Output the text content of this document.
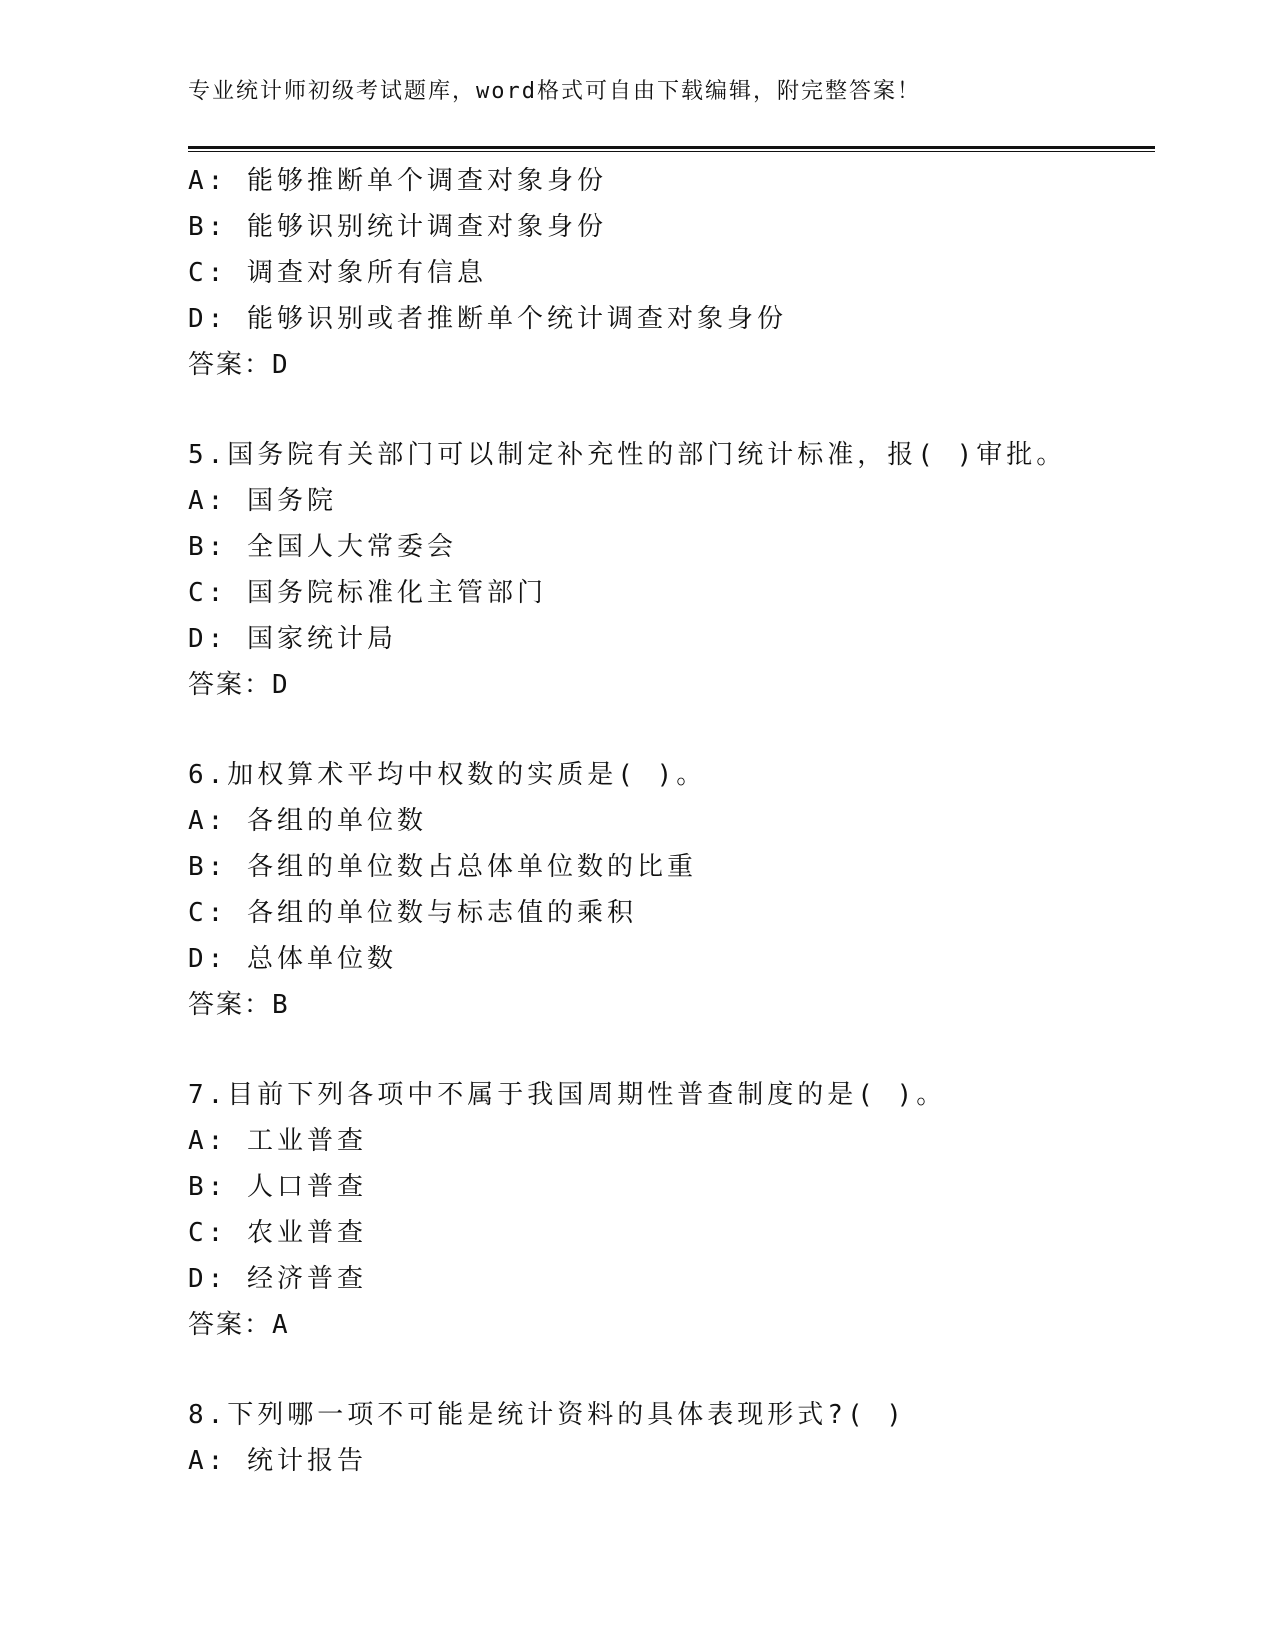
专业统计师初级考试题库，word格式可自由下载编辑，附完整答案！
A: 能够推断单个调查对象身份
B: 能够识别统计调查对象身份
C: 调查对象所有信息
D: 能够识别或者推断单个统计调查对象身份
答案：D
5.国务院有关部门可以制定补充性的部门统计标准，报( )审批。
A: 国务院
B: 全国人大常委会
C: 国务院标准化主管部门
D: 国家统计局
答案：D
6.加权算术平均中权数的实质是( )。
A: 各组的单位数
B: 各组的单位数占总体单位数的比重
C: 各组的单位数与标志值的乘积
D: 总体单位数
答案：B
7.目前下列各项中不属于我国周期性普查制度的是( )。
A: 工业普查
B: 人口普查
C: 农业普查
D: 经济普查
答案：A
8.下列哪一项不可能是统计资料的具体表现形式?( )
A: 统计报告
